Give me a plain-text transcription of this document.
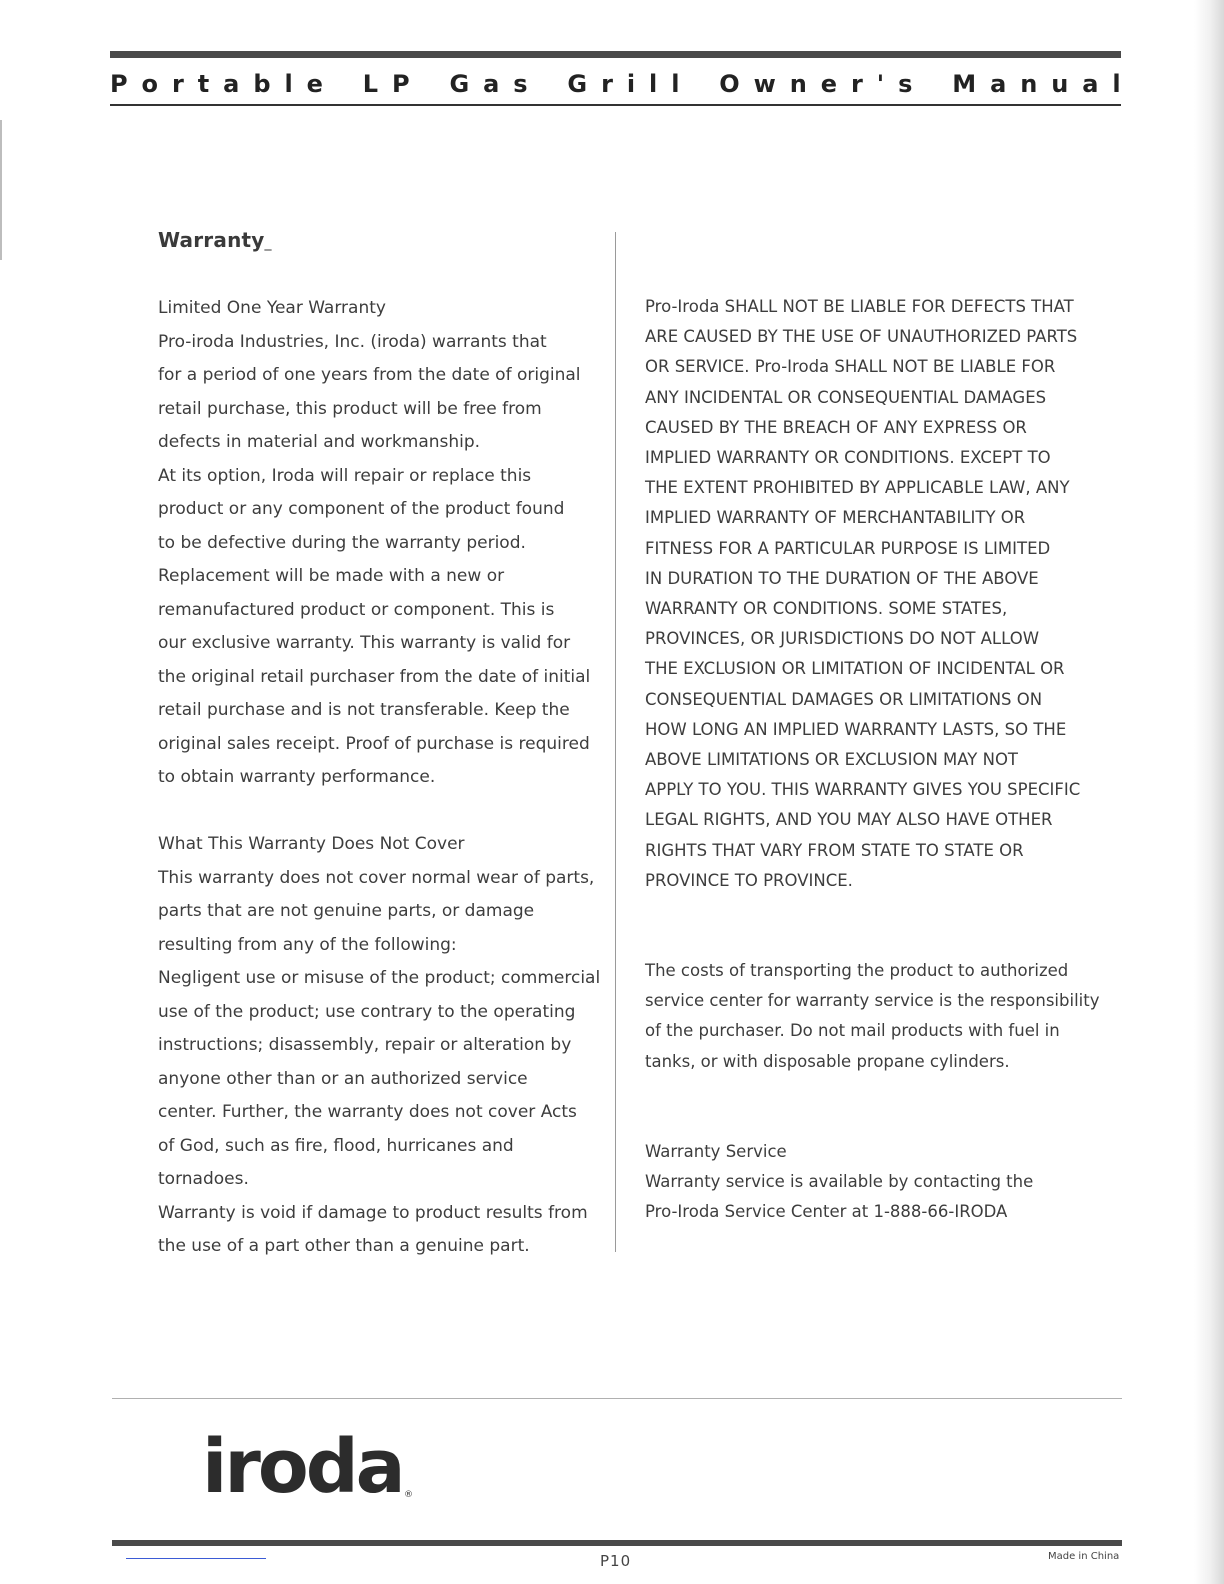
P o r t a b l e L P G a s G r i l l O w n e r ' s M a n u a l
Warranty_

Limited One Year Warranty

Pro-iroda Industries, Inc. (iroda) warrants that

for a period of one years from the date of original

retail purchase, this product will be free from

defects in material and workmanship.

At its option, Iroda will repair or replace this

product or any component of the product found

to be defective during the warranty period.

Replacement will be made with a new or

remanufactured product or component. This is

our exclusive warranty. This warranty is valid for

the original retail purchaser from the date of initial

retail purchase and is not transferable. Keep the

original sales receipt. Proof of purchase is required

to obtain warranty performance.

What This Warranty Does Not Cover

This warranty does not cover normal wear of parts,

parts that are not genuine parts, or damage

resulting from any of the following:

Negligent use or misuse of the product; commercial

use of the product; use contrary to the operating

instructions; disassembly, repair or alteration by

anyone other than or an authorized service

center. Further, the warranty does not cover Acts

of God, such as fire, flood, hurricanes and

tornadoes.

Warranty is void if damage to product results from

the use of a part other than a genuine part.

Pro-Iroda SHALL NOT BE LIABLE FOR DEFECTS THAT

ARE CAUSED BY THE USE OF UNAUTHORIZED PARTS

OR SERVICE. Pro-Iroda SHALL NOT BE LIABLE FOR

ANY INCIDENTAL OR CONSEQUENTIAL DAMAGES

CAUSED BY THE BREACH OF ANY EXPRESS OR

IMPLIED WARRANTY OR CONDITIONS. EXCEPT TO

THE EXTENT PROHIBITED BY APPLICABLE LAW, ANY

IMPLIED WARRANTY OF MERCHANTABILITY OR

FITNESS FOR A PARTICULAR PURPOSE IS LIMITED

IN DURATION TO THE DURATION OF THE ABOVE

WARRANTY OR CONDITIONS. SOME STATES,

PROVINCES, OR JURISDICTIONS DO NOT ALLOW

THE EXCLUSION OR LIMITATION OF INCIDENTAL OR

CONSEQUENTIAL DAMAGES OR LIMITATIONS ON

HOW LONG AN IMPLIED WARRANTY LASTS, SO THE

ABOVE LIMITATIONS OR EXCLUSION MAY NOT

APPLY TO YOU. THIS WARRANTY GIVES YOU SPECIFIC

LEGAL RIGHTS, AND YOU MAY ALSO HAVE OTHER

RIGHTS THAT VARY FROM STATE TO STATE OR

PROVINCE TO PROVINCE.

The costs of transporting the product to authorized

service center for warranty service is the responsibility

of the purchaser. Do not mail products with fuel in

tanks, or with disposable propane cylinders.

Warranty Service

Warranty service is available by contacting the

Pro-Iroda Service Center at 1-888-66-IRODA

iroda ®
P10	Made in China
